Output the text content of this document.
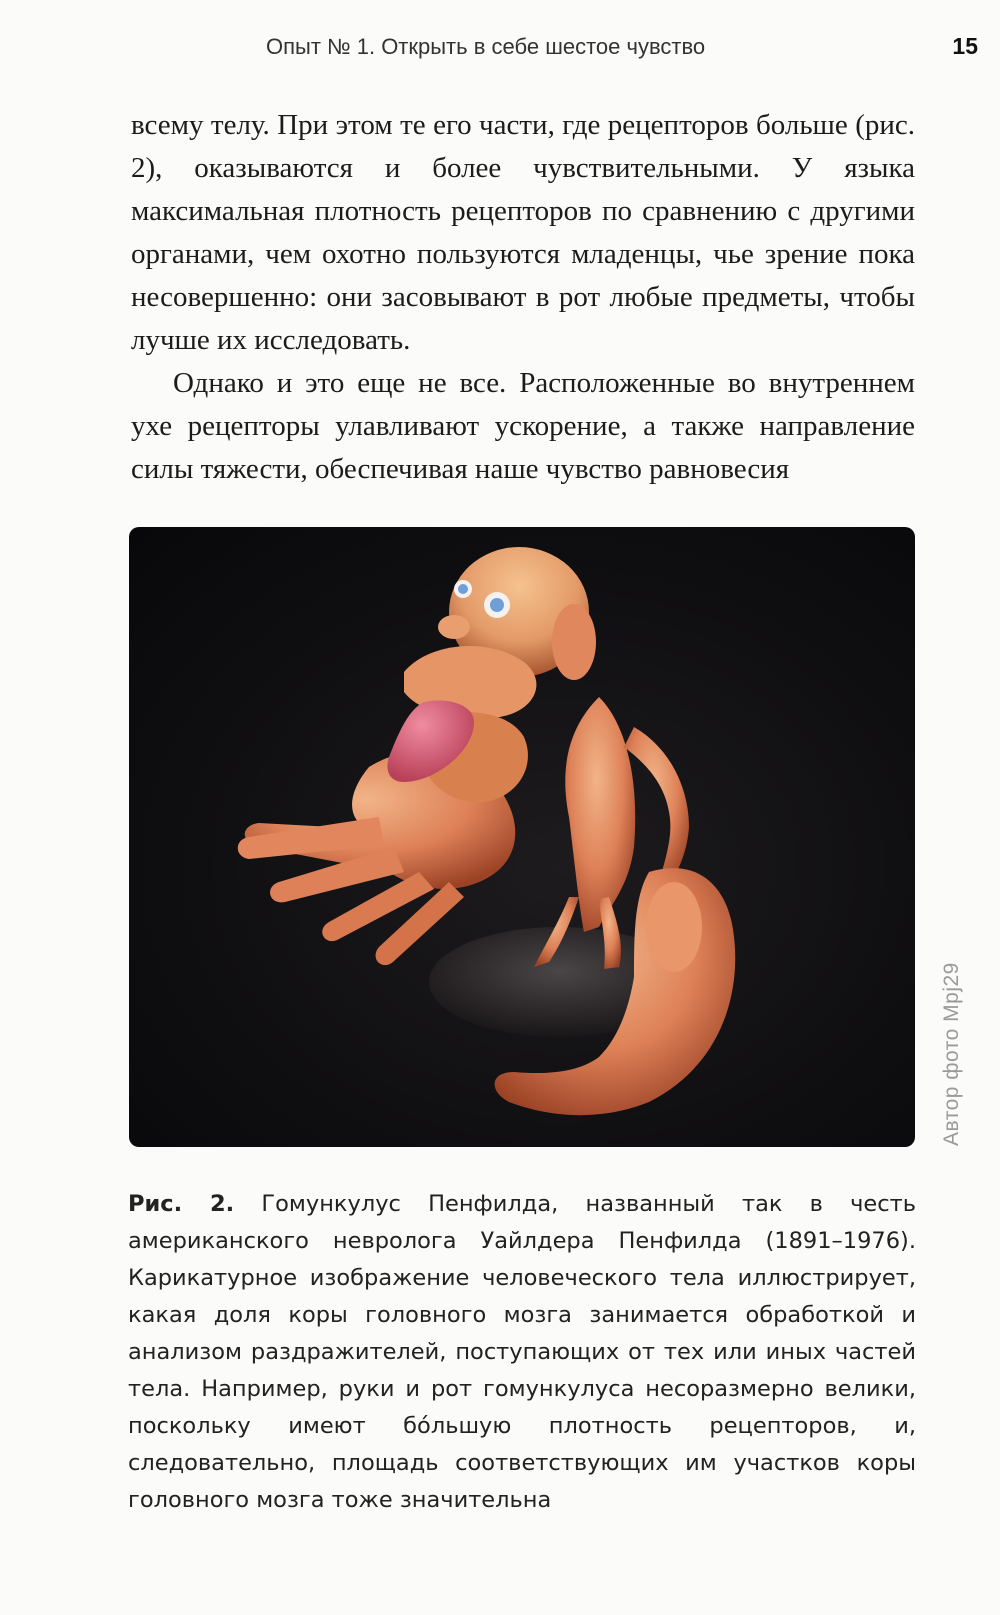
Опыт № 1. Открыть в себе шестое чувство	15

всему телу. При этом те его части, где рецепторов больше (рис. 2), оказываются и более чувствительными. У языка максимальная плотность рецепторов по сравнению с другими органами, чем охотно пользуются младенцы, чье зрение пока несовершенно: они засовывают в рот любые предметы, чтобы лучше их исследовать.

Однако и это еще не все. Расположенные во внутреннем ухе рецепторы улавливают ускорение, а также направление силы тяжести, обеспечивая наше чувство равновесия

Автор фото Mpj29
Рис. 2. Гомункулус Пенфилда, названный так в честь американского невролога Уайлдера Пенфилда (1891–1976). Карикатурное изображение человеческого тела иллюстрирует, какая доля коры головного мозга занимается обработкой и анализом раздражителей, поступающих от тех или иных частей тела. Например, руки и рот гомункулуса несоразмерно велики, поскольку имеют бóльшую плотность рецепторов, и, следовательно, площадь соответствующих им участков коры головного мозга тоже значительна
